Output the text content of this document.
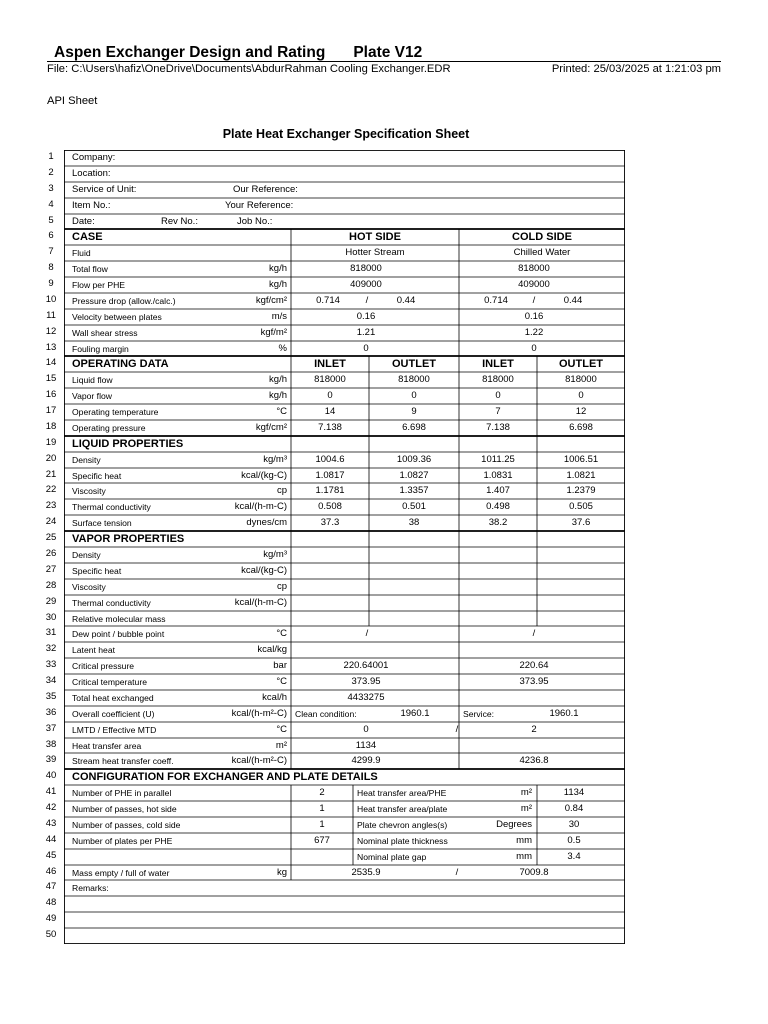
Aspen Exchanger Design and Rating Plate V12
File: C:\Users\hafiz\OneDrive\Documents\AbdurRahman Cooling Exchanger.EDR	Printed: 25/03/2025 at 1:21:03 pm
API Sheet
Plate Heat Exchanger Specification Sheet
1
2
3
4
5
6
7
8
9
10
11
12
13
14
15
16
17
18
19
20
21
22
23
24
25
26
27
28
29
30
31
32
33
34
35
36
37
38
39
40
41
42
43
44
45
46
47
48
49
50
Company:
Location:
Service of Unit:	Our Reference:
Item No.:	Your Reference:
Date:	Rev No.:	Job No.:
CASE	HOT SIDE	COLD SIDE
Fluid	Hotter Stream	Chilled Water
Total flow	kg/h	818000	818000
Flow per PHE	kg/h	409000	409000
Pressure drop (allow./calc.)	kgf/cm²	0.714	/	0.44	0.714	/	0.44
Velocity between plates	m/s	0.16	0.16
Wall shear stress	kgf/m²	1.21	1.22
Fouling margin	%	0	0
OPERATING DATA	INLET	OUTLET	INLET	OUTLET
Liquid flow	kg/h	818000	818000	818000	818000
Vapor flow	kg/h	0	0	0	0
Operating temperature	°C	14	9	7	12
Operating pressure	kgf/cm²	7.138	6.698	7.138	6.698
LIQUID PROPERTIES
Density	kg/m³	1004.6	1009.36	1011.25	1006.51
Specific heat	kcal/(kg-C)	1.0817	1.0827	1.0831	1.0821
Viscosity	cp	1.1781	1.3357	1.407	1.2379
Thermal conductivity	kcal/(h-m-C)	0.508	0.501	0.498	0.505
Surface tension	dynes/cm	37.3	38	38.2	37.6
VAPOR PROPERTIES
Density	kg/m³
Specific heat	kcal/(kg-C)
Viscosity	cp
Thermal conductivity	kcal/(h-m-C)
Relative molecular mass
Dew point / bubble point	°C	/	/
Latent heat	kcal/kg
Critical pressure	bar	220.64001	220.64
Critical temperature	°C	373.95	373.95
Total heat exchanged	kcal/h	4433275
Overall coefficient (U)	kcal/(h-m²-C) Clean condition:	1960.1	Service:	1960.1
LMTD / Effective MTD	°C	0	/	2
Heat transfer area	m²	1134
Stream heat transfer coeff.	kcal/(h-m²-C)	4299.9	4236.8
CONFIGURATION FOR EXCHANGER AND PLATE DETAILS
Number of PHE in parallel	2	Heat transfer area/PHE	m²	1134
Number of passes, hot side	1	Heat transfer area/plate	m²	0.84
Number of passes, cold side	1	Plate chevron angles(s)	Degrees	30
Number of plates per PHE	677	Nominal plate thickness	mm	0.5
Nominal plate gap	mm	3.4
Mass empty / full of water	kg	2535.9	/	7009.8
Remarks:
